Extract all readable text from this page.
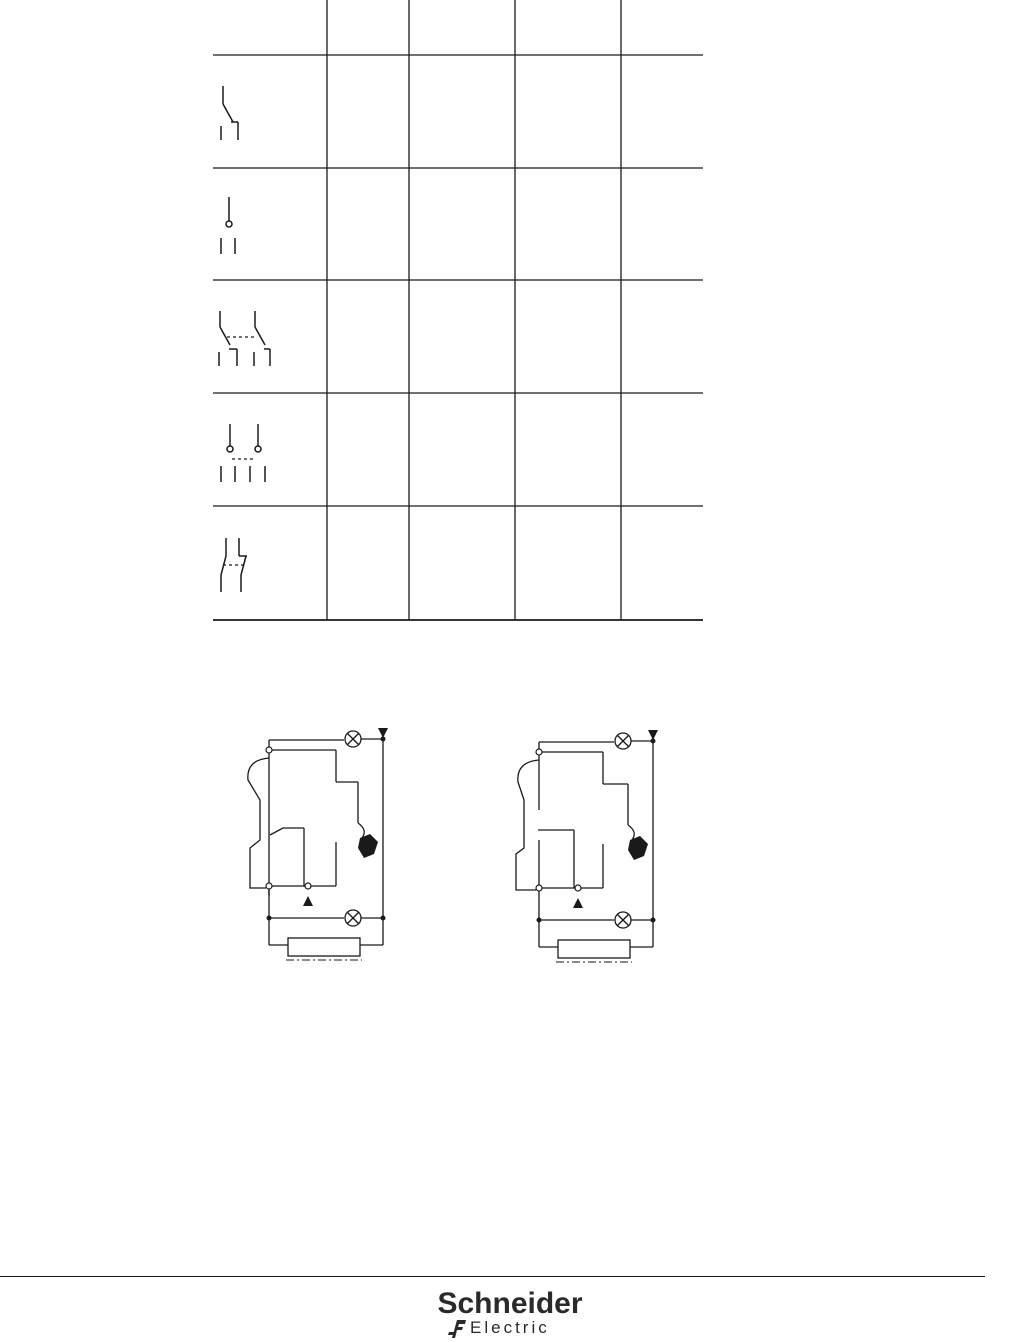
Schneider
Electric
